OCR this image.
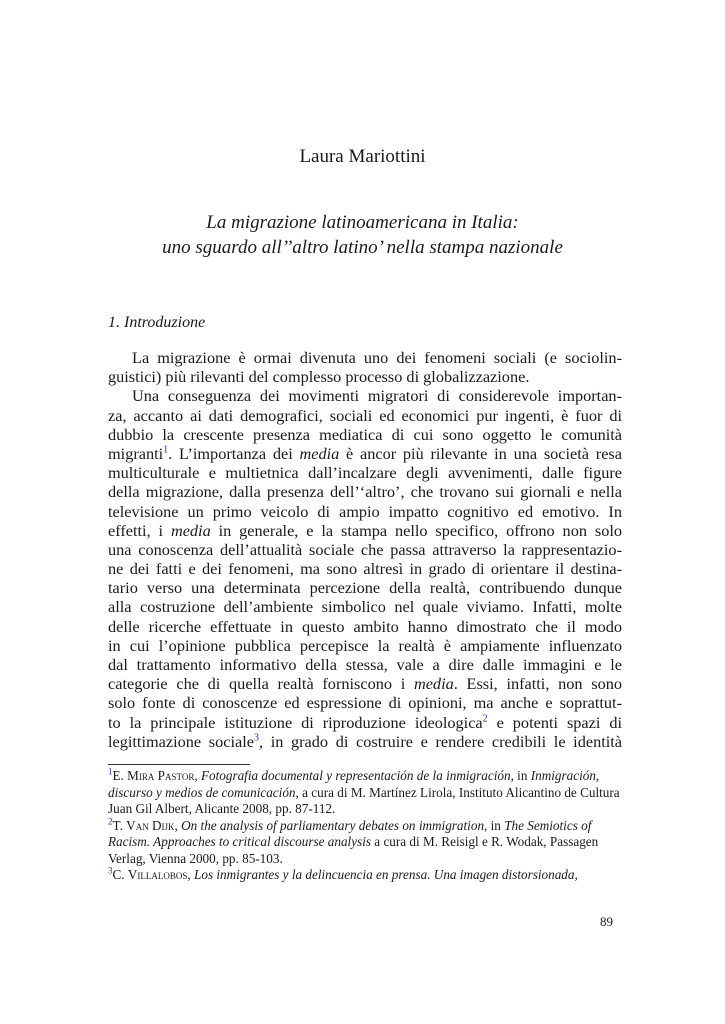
Laura Mariottini
La migrazione latinoamericana in Italia:
uno sguardo all’’altro latino’ nella stampa nazionale
1. Introduzione
La migrazione è ormai divenuta uno dei fenomeni sociali (e sociolin-
guistici) più rilevanti del complesso processo di globalizzazione.
Una conseguenza dei movimenti migratori di considerevole importan-
za, accanto ai dati demografici, sociali ed economici pur ingenti, è fuor di
dubbio la crescente presenza mediatica di cui sono oggetto le comunità
migranti$^1$. L’importanza dei media è ancor più rilevante in una società resa
multiculturale e multietnica dall’incalzare degli avvenimenti, dalle figure
della migrazione, dalla presenza dell’‘altro’, che trovano sui giornali e nella
televisione un primo veicolo di ampio impatto cognitivo ed emotivo. In
effetti, i media in generale, e la stampa nello specifico, offrono non solo
una conoscenza dell’attualità sociale che passa attraverso la rappresentazio-
ne dei fatti e dei fenomeni, ma sono altresì in grado di orientare il destina-
tario verso una determinata percezione della realtà, contribuendo dunque
alla costruzione dell’ambiente simbolico nel quale viviamo. Infatti, molte
delle ricerche effettuate in questo ambito hanno dimostrato che il modo
in cui l’opinione pubblica percepisce la realtà è ampiamente influenzato
dal trattamento informativo della stessa, vale a dire dalle immagini e le
categorie che di quella realtà forniscono i media. Essi, infatti, non sono
solo fonte di conoscenze ed espressione di opinioni, ma anche e soprattut-
to la principale istituzione di riproduzione ideologica$^2$ e potenti spazi di
legittimazione sociale$^3$, in grado di costruire e rendere credibili le identità
$^1$E. Mira Pastor, Fotografia documental y representación de la inmigración, in Inmigración, discurso y medios de comunicación, a cura di M. Martínez Lirola, Instituto Alicantino de Cultura Juan Gil Albert, Alicante 2008, pp. 87-112.
$^2$T. Van Dijk, On the analysis of parliamentary debates on immigration, in The Semiotics of Racism. Approaches to critical discourse analysis a cura di M. Reisigl e R. Wodak, Passagen Verlag, Vienna 2000, pp. 85-103.
$^3$C. Villalobos, Los inmigrantes y la delincuencia en prensa. Una imagen distorsionada,
89
